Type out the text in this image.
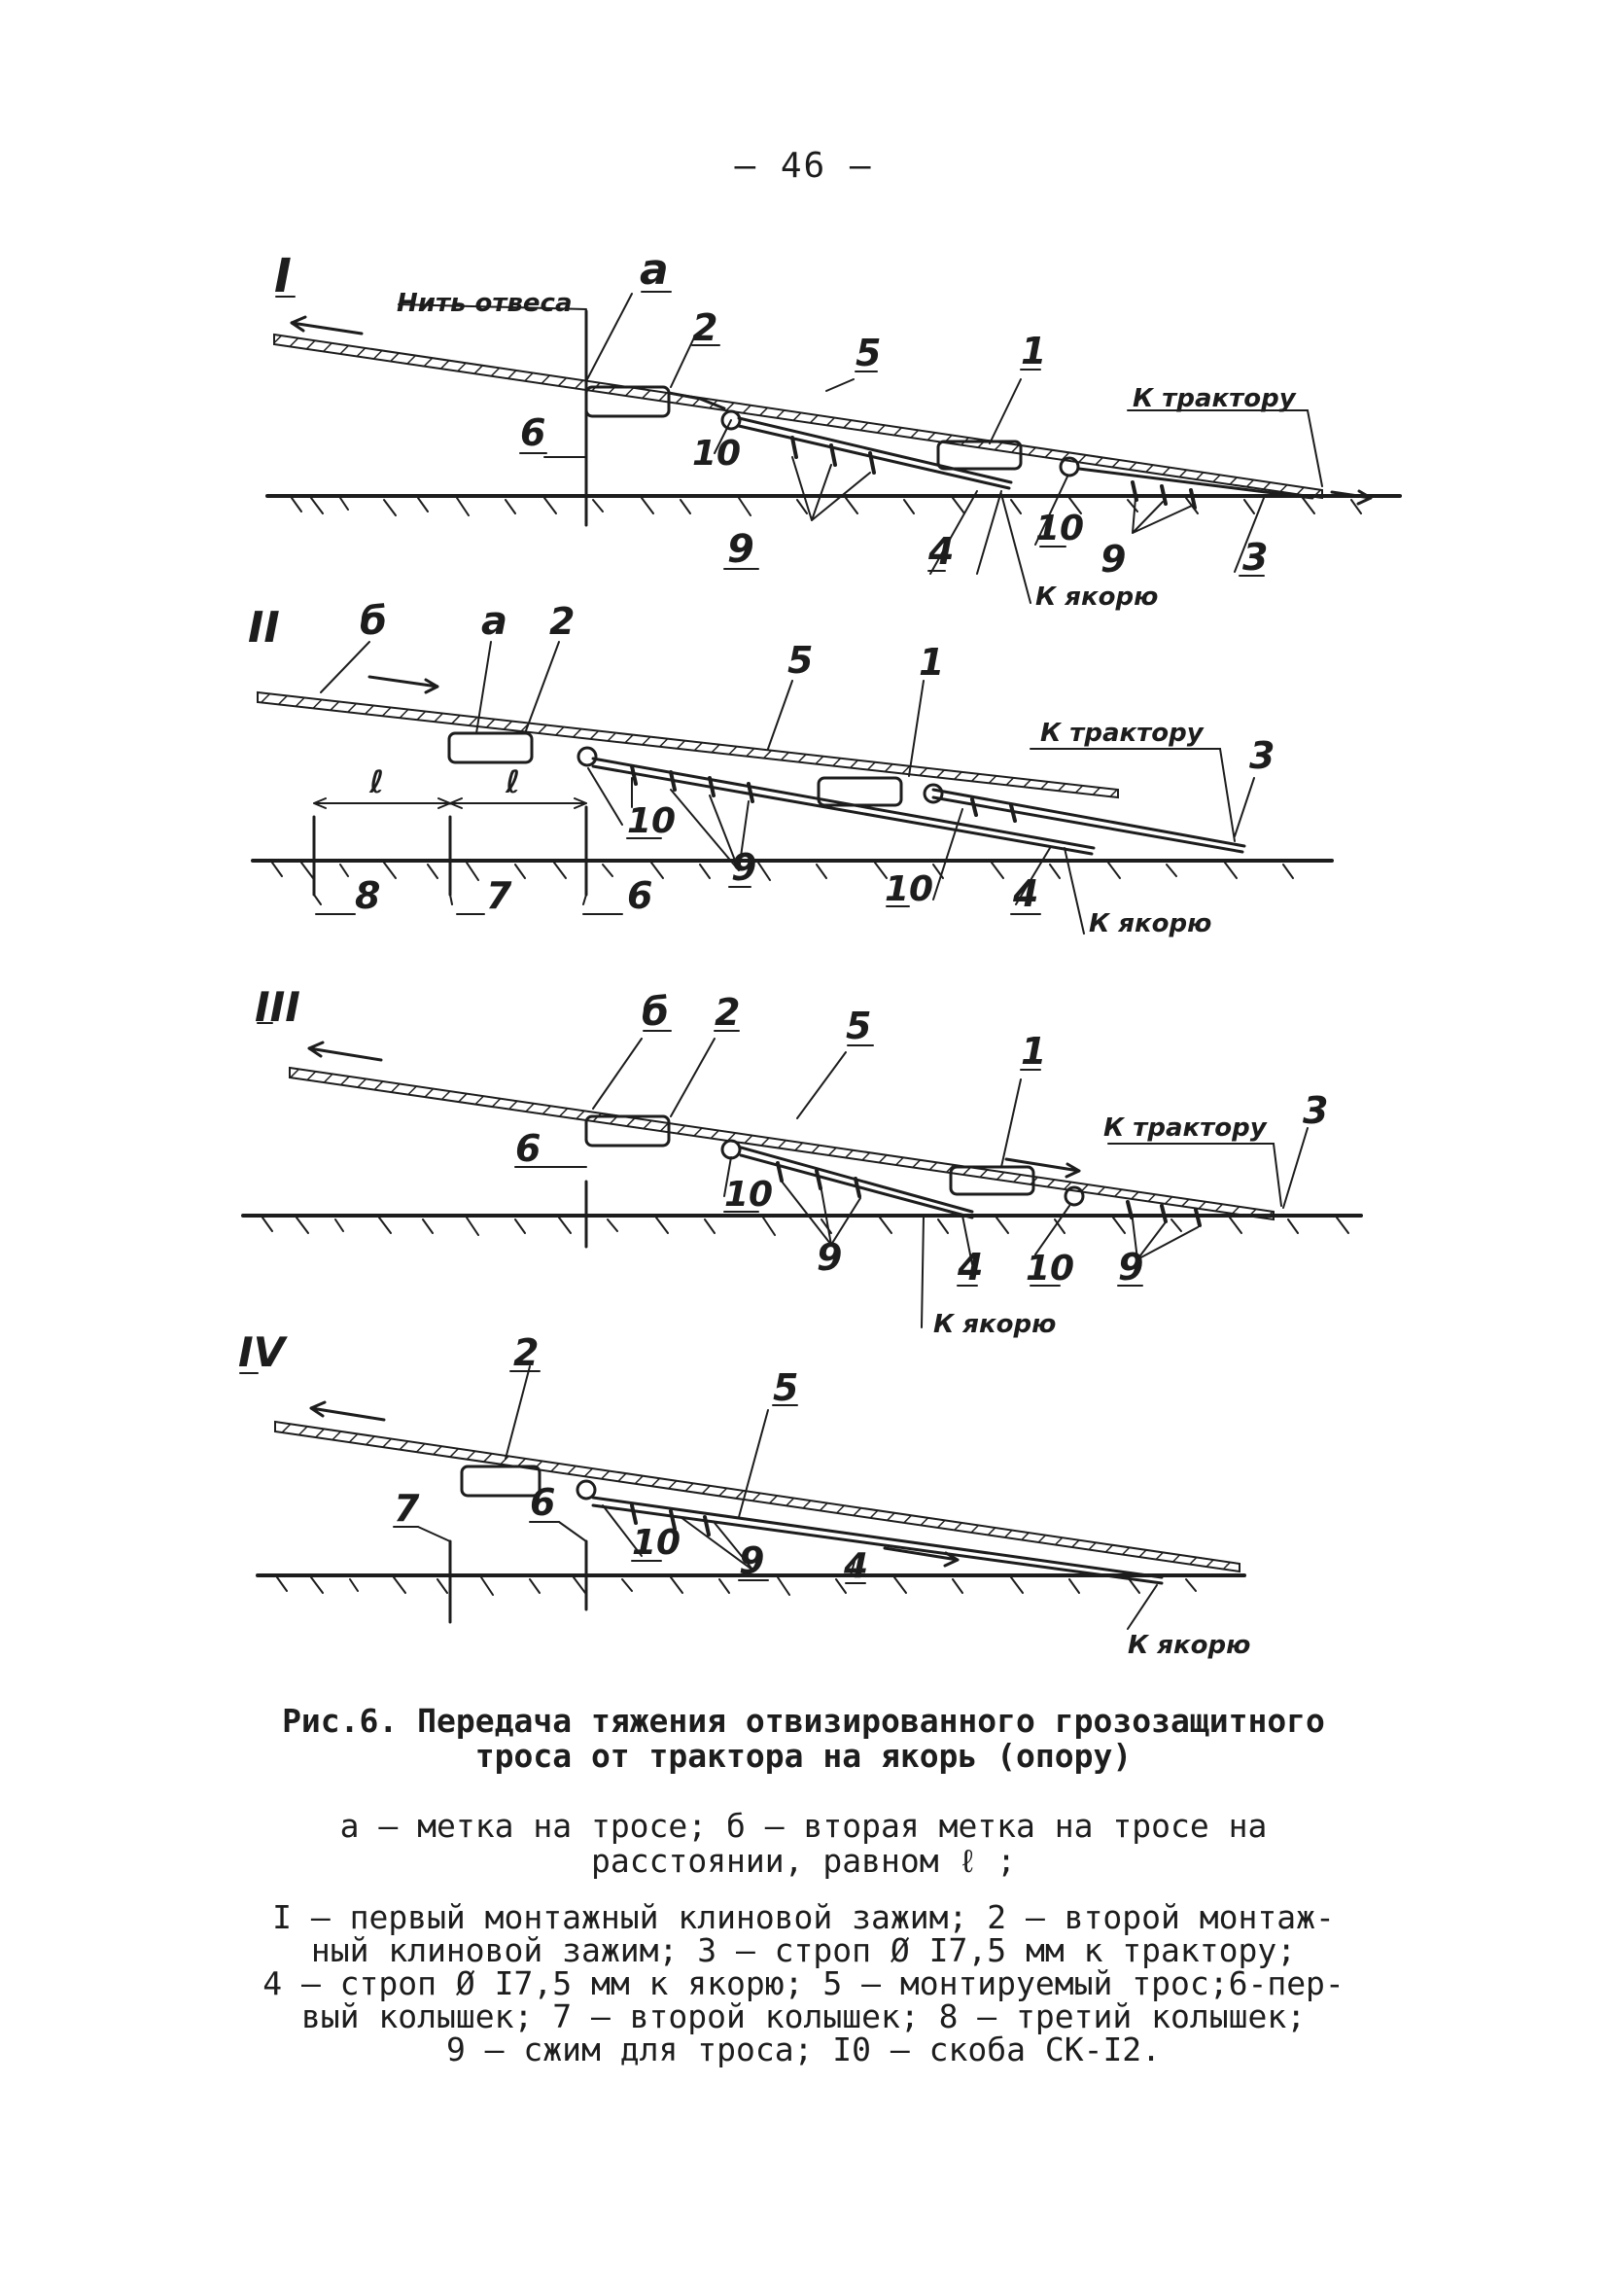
– 46 –
I	а
Нить отвеса
2
5	1
К трактору
6	10
9	4
10
9	3
К якорю
II б а 2
5	1
К трактору
3
ℓ	ℓ
10
9
10 4
К якорю
8	7	6
III	б 2	5
1
К трактору 3
6
10
9	4 10 9
К якорю
IV	2
5
7	6
10 9 4
К якорю
Рис.6. Передача тяжения отвизированного грозозащитного
троса от трактора на якорь (опору)
а – метка на тросе; б – вторая метка на тросе на
расстоянии, равном ℓ ;
I – первый монтажный клиновой зажим; 2 – второй монтаж-
ный клиновой зажим; 3 – строп Ø I7,5 мм к трактору;
4 – строп Ø I7,5 мм к якорю; 5 – монтируемый трос;6-пер-
вый колышек; 7 – второй колышек; 8 – третий колышек;
9 – сжим для троса; I0 – скоба СК-I2.
